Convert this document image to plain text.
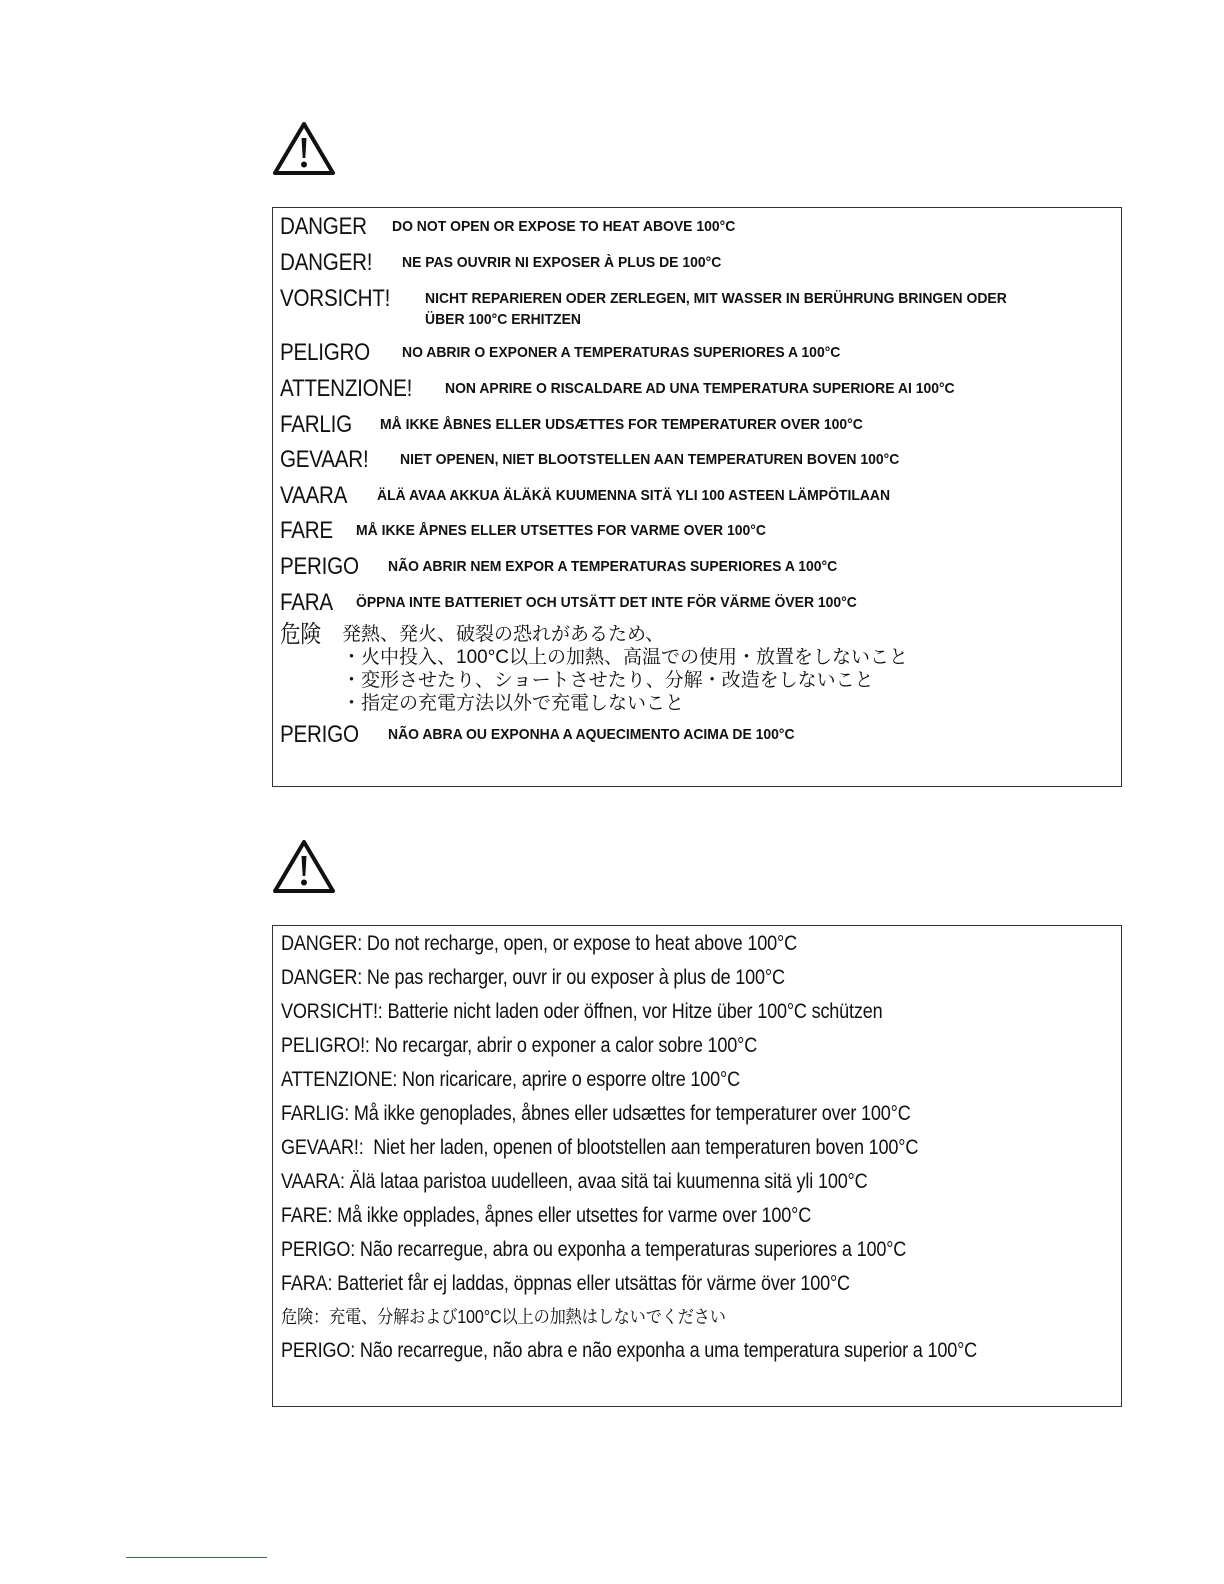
DANGER	DO NOT OPEN OR EXPOSE TO HEAT ABOVE 100°C
DANGER!	NE PAS OUVRIR NI EXPOSER À PLUS DE 100°C
VORSICHT!	NICHT REPARIEREN ODER ZERLEGEN, MIT WASSER IN BERÜHRUNG BRINGEN ODER
ÜBER 100°C ERHITZEN
PELIGRO	NO ABRIR O EXPONER A TEMPERATURAS SUPERIORES A 100°C
ATTENZIONE!	NON APRIRE O RISCALDARE AD UNA TEMPERATURA SUPERIORE AI 100°C
FARLIG	MÅ IKKE ÅBNES ELLER UDSÆTTES FOR TEMPERATURER OVER 100°C
GEVAAR!	NIET OPENEN, NIET BLOOTSTELLEN AAN TEMPERATUREN BOVEN 100°C
VAARA	ÄLÄ AVAA AKKUA ÄLÄKÄ KUUMENNA SITÄ YLI 100 ASTEEN LÄMPÖTILAAN
FARE	MÅ IKKE ÅPNES ELLER UTSETTES FOR VARME OVER 100°C
PERIGO	NÃO ABRIR NEM EXPOR A TEMPERATURAS SUPERIORES A 100°C
FARA	ÖPPNA INTE BATTERIET OCH UTSÄTT DET INTE FÖR VÄRME ÖVER 100°C
危険	発熱、発火、破裂の恐れがあるため、
・火中投入、100°C以上の加熱、高温での使用・放置をしないこと
・変形させたり、ショートさせたり、分解・改造をしないこと
・指定の充電方法以外で充電しないこと
PERIGO	NÃO ABRA OU EXPONHA A AQUECIMENTO ACIMA DE 100°C
DANGER: Do not recharge, open, or expose to heat above 100°C
DANGER: Ne pas recharger, ouvr ir ou exposer à plus de 100°C
VORSICHT!: Batterie nicht laden oder öffnen, vor Hitze über 100°C schützen
PELIGRO!: No recargar, abrir o exponer a calor sobre 100°C
ATTENZIONE: Non ricaricare, aprire o esporre oltre 100°C
FARLIG: Må ikke genoplades, åbnes eller udsættes for temperaturer over 100°C
GEVAAR!:  Niet her laden, openen of blootstellen aan temperaturen boven 100°C
VAARA: Älä lataa paristoa uudelleen, avaa sitä tai kuumenna sitä yli 100°C
FARE: Må ikke opplades, åpnes eller utsettes for varme over 100°C
PERIGO: Não recarregue, abra ou exponha a temperaturas superiores a 100°C
FARA: Batteriet får ej laddas, öppnas eller utsättas för värme över 100°C
危険：充電、分解および100°C以上の加熱はしないでください
PERIGO: Não recarregue, não abra e não exponha a uma temperatura superior a 100°C
